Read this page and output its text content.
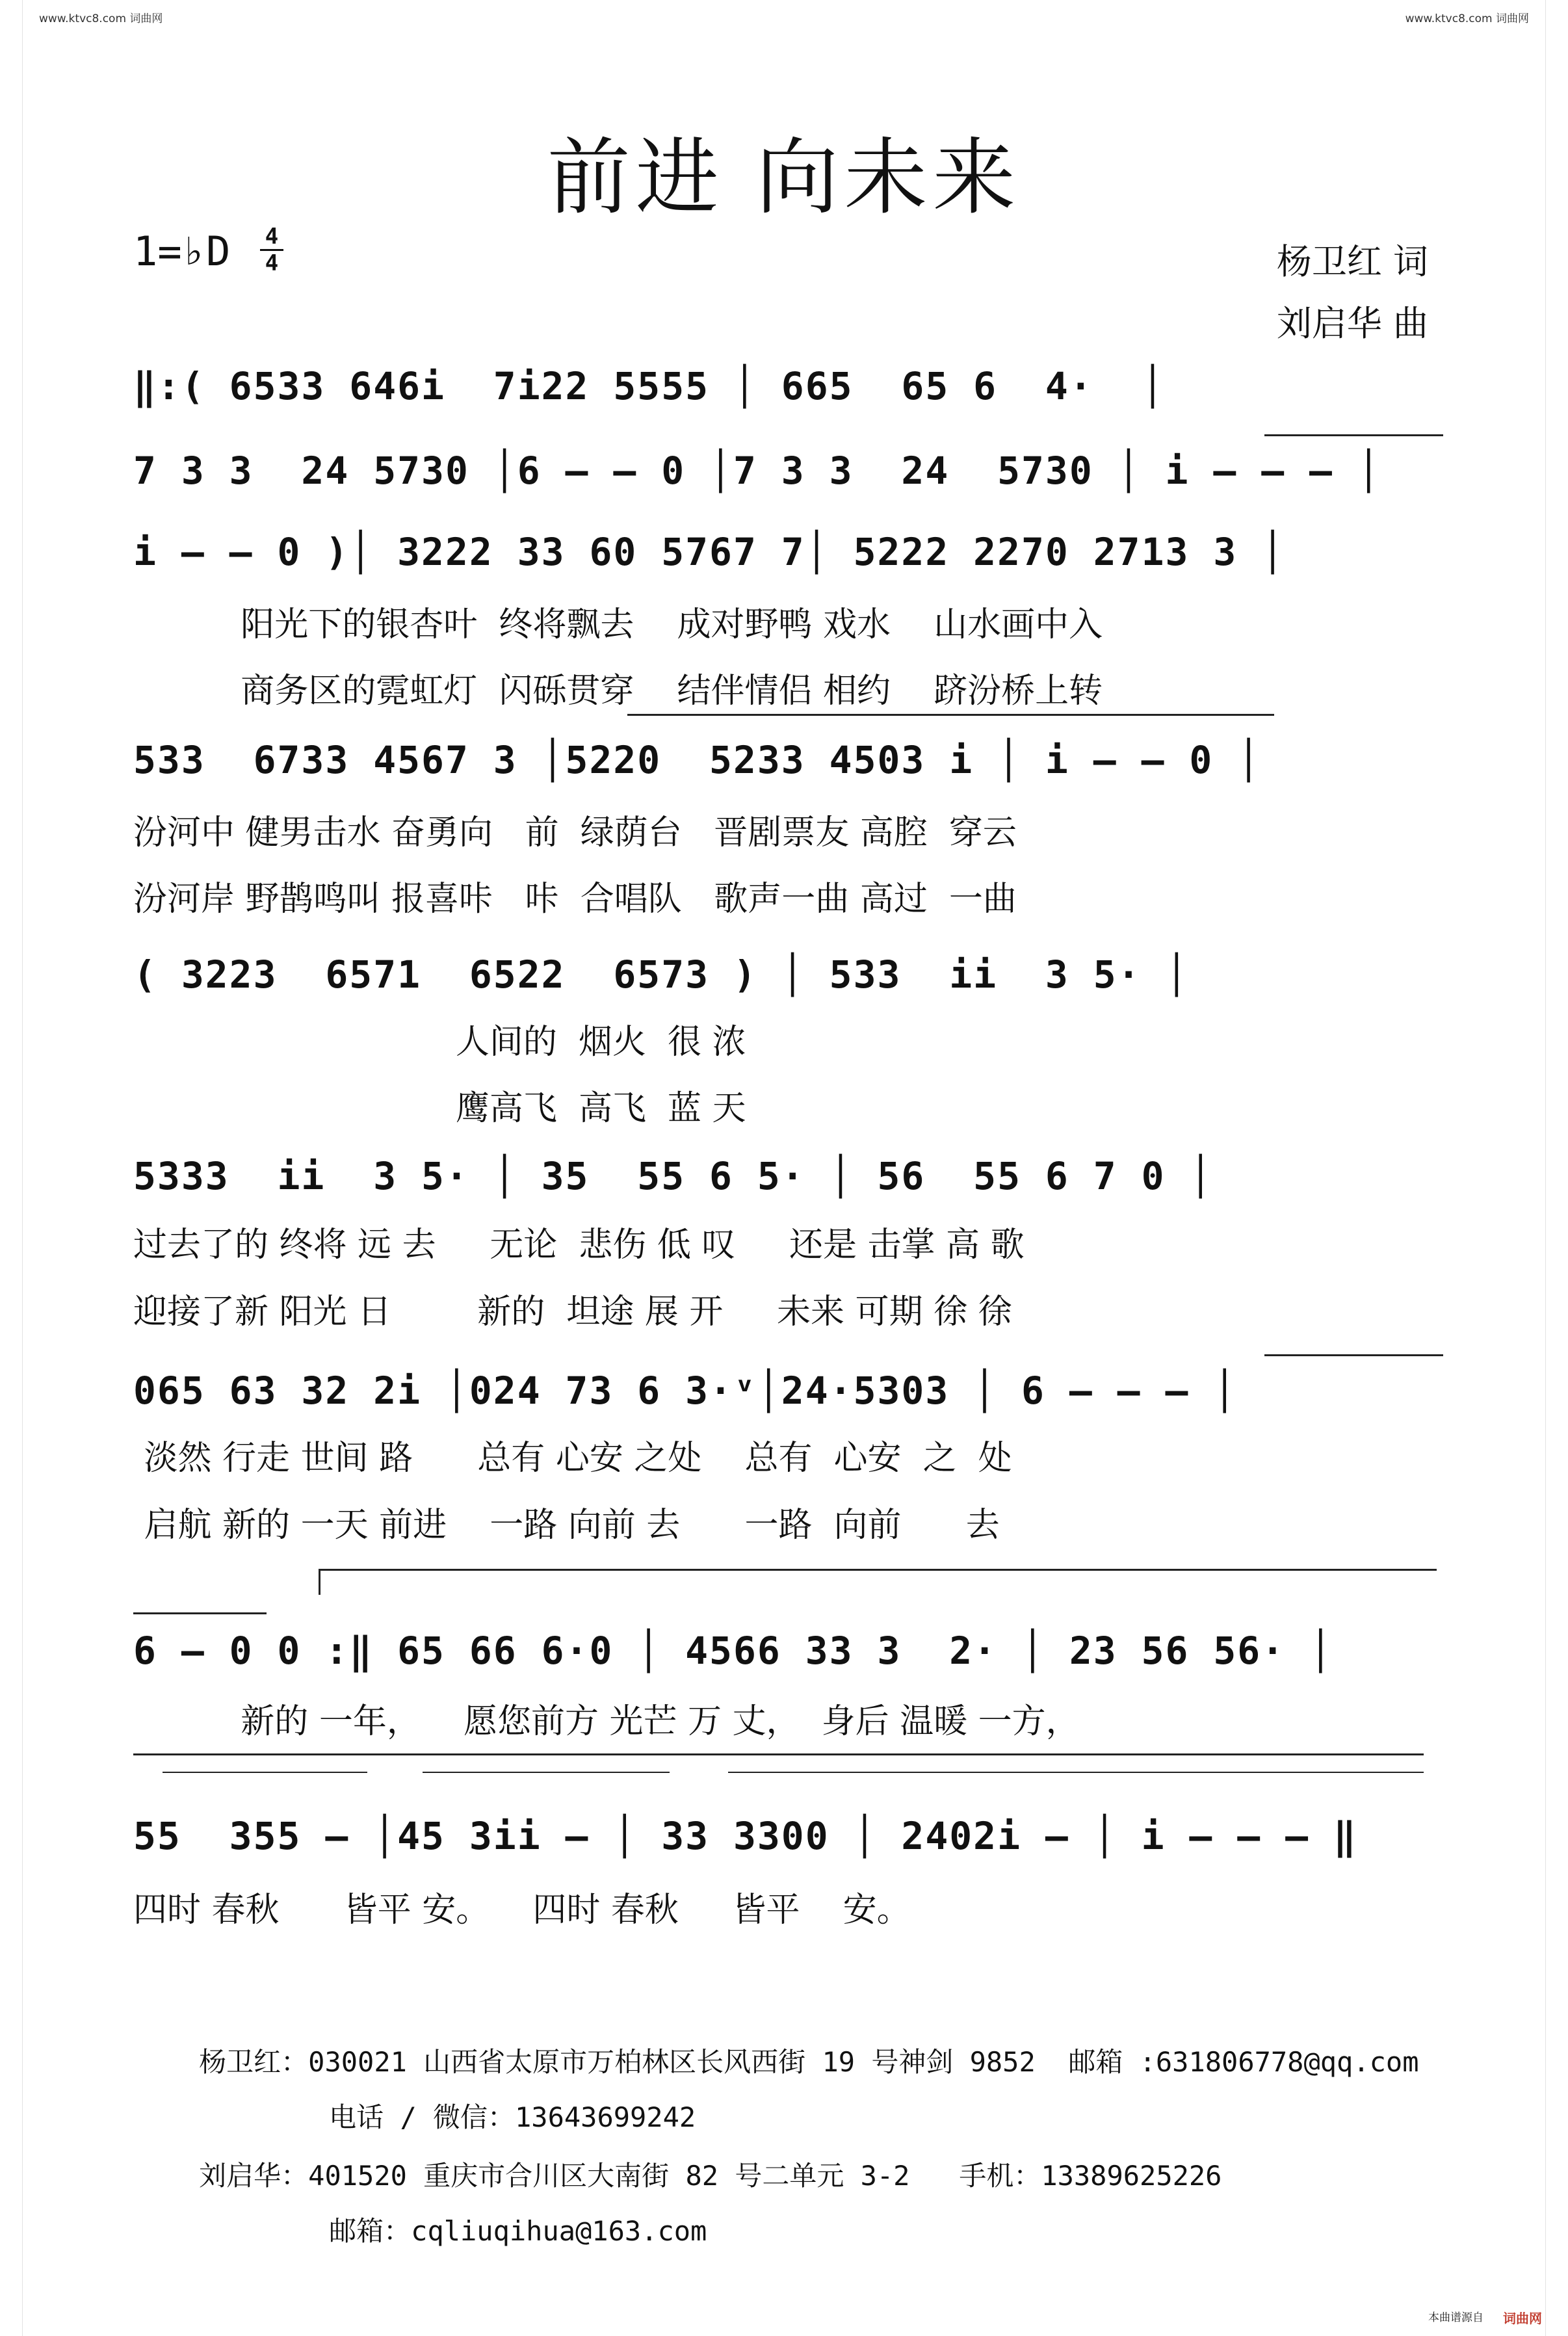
www.ktvc8.com 词曲网	www.ktvc8.com 词曲网
前进 向未来
1=♭D 4
4	杨卫红 词
刘启华 曲
‖:( 6533 646i  7i22 5555 │ 665  65 6  4·  │
7 3 3  24 5730 │6 – – 0 │7 3 3  24  5730 │ i – – – │
i – – 0 )│ 3222 33 60 5767 7│ 5222 2270 2713 3 │
阳光下的银杏叶  终将飘去    成对野鸭 戏水    山水画中入
商务区的霓虹灯  闪砾贯穿    结伴情侣 相约    跻汾桥上转
533  6733 4567 3 │5220  5233 4503 i │ i – – 0 │
汾河中 健男击水 奋勇向   前  绿荫台   晋剧票友 高腔  穿云
汾河岸 野鹊鸣叫 报喜咔   咔  合唱队   歌声一曲 高过  一曲
( 3223  6571  6522  6573 ) │ 533  ii  3 5· │
人间的  烟火  很 浓
鹰高飞  高飞  蓝 天
5333  ii  3 5· │ 35  55 6 5· │ 56  55 6 7 0 │
过去了的 终将 远 去     无论  悲伤 低 叹     还是 击掌 高 歌
迎接了新 阳光 日        新的  坦途 展 开     未来 可期 徐 徐
065 63 32 2i │024 73 6 3·ᵛ│24·5303 │ 6 – – – │
淡然 行走 世间 路      总有 心安 之处    总有  心安  之  处
启航 新的 一天 前进    一路 向前 去      一路  向前      去
6 – 0 0 :‖ 65 66 6·0 │ 4566 33 3  2· │ 23 56 56· │
新的 一年，    愿您前方 光芒 万 丈，  身后 温暖 一方，
55  355 – │45 3ii – │ 33 3300 │ 2402i – │ i – – – ‖
四时 春秋      皆平 安。    四时 春秋     皆平    安。

杨卫红：030021 山西省太原市万柏林区长风西街 19 号神剑 9852  邮箱 :631806778@qq.com

电话 / 微信：13643699242

刘启华：401520 重庆市合川区大南街 82 号二单元 3-2   手机：13389625226

邮箱：cqliuqihua@163.com

本曲谱源自 词曲网
